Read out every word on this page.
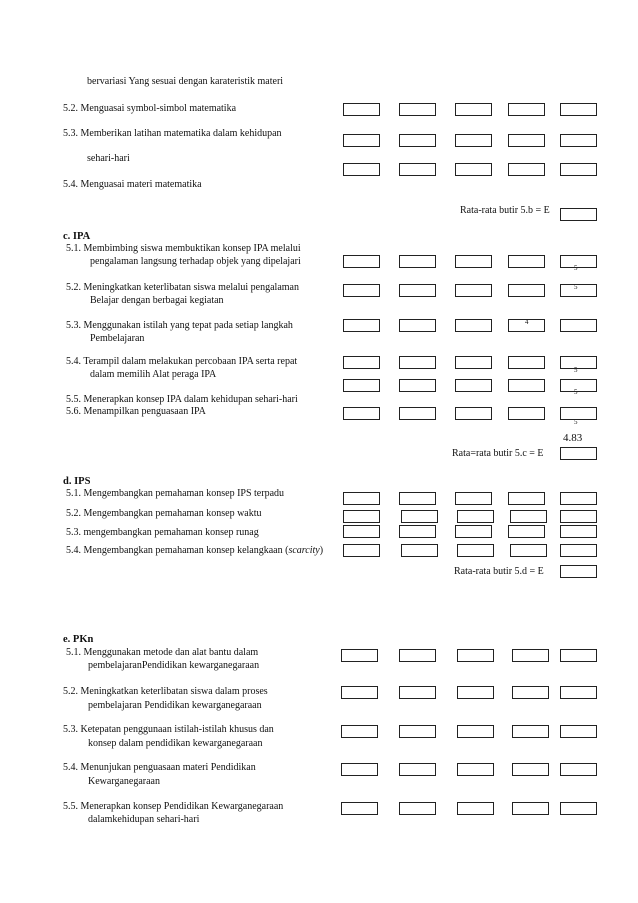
bervariasi Yang sesuai dengan karateristik materi
5.2. Menguasai symbol-simbol matematika
5.3. Memberikan latihan matematika dalam kehidupan
sehari-hari
5.4. Menguasai materi matematika
Rata-rata butir 5.b = E
c. IPA
5.1. Membimbing siswa membuktikan konsep IPA melalui
pengalaman langsung terhadap objek yang dipelajari
5.2. Meningkatkan keterlibatan siswa melalui pengalaman
Belajar dengan berbagai kegiatan
5.3. Menggunakan istilah yang tepat pada setiap langkah
Pembelajaran
5.4. Terampil dalam melakukan percobaan IPA serta repat
dalam memilih Alat peraga IPA
5.5. Menerapkan konsep IPA dalam kehidupan sehari-hari
5.6. Menampilkan penguasaan IPA
5
5
4
5
5
5
4.83
Rata=rata butir 5.c = E
d. IPS
5.1. Mengembangkan pemahaman konsep IPS terpadu
5.2. Mengembangkan pemahaman konsep waktu
5.3. mengembangkan pemahaman konsep runag
5.4. Mengembangkan pemahaman konsep kelangkaan (scarcity)
Rata-rata butir 5.d = E
e. PKn
5.1. Menggunakan metode dan alat bantu dalam
pembelajaranPendidikan kewarganegaraan
5.2. Meningkatkan keterlibatan siswa dalam proses
pembelajaran Pendidikan kewarganegaraan
5.3. Ketepatan penggunaan istilah-istilah khusus dan
konsep dalam pendidikan kewarganegaraan
5.4. Menunjukan penguasaan materi Pendidikan
Kewarganegaraan
5.5. Menerapkan konsep Pendidikan Kewarganegaraan
dalamkehidupan sehari-hari
